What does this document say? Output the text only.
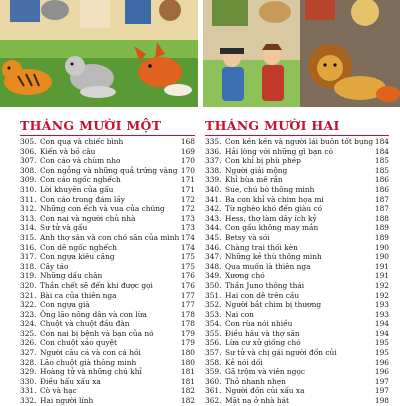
THÁNG MƯỜI MỘT
305. Con quạ và chiếc bình	168
306. Kiến và bồ câu	169
307. Con cáo và chùm nho	170
308. Con ngỗng và những quả trứng vàng 170
309. Con cáo ngốc nghếch	171
310. Lời khuyên của gấu	171
311. Con cáo trong đám lầy	172
312. Những con ếch và vua của chúng	172
313. Con nai và người chủ nhà	173
314. Sư tử và gấu	173
315. Anh thợ săn và con chó săn của mình 174
316. Con dê ngốc nghếch	174
317. Con ngựa kiêu căng	175
318. Cây táo	175
319. Những dấu chân	176
320. Thần chết sẽ đến khi được gọi	176
321. Bài ca của thiên nga	177
322. Con ngựa già	177
323. Ông lão nông dân và con lừa	178
324. Chuột và chuột đầu đàn	178
325. Con nai bị bệnh và bạn của nó	179
326. Con chuột xảo quyệt	179
327. Người câu cá và con cá hồi	180
328. Lão chuột già thông minh	180
329. Hoàng tử và những chú khỉ	181
330. Điều hấu xấu xa	181
331. Cò và hạc	182
332. Hai người lính	182
THÁNG MƯỜI HAI
335. Con kền kền và người lái buôn tốt bụng 184
336. Hải lòng với những gì bạn có	184
337. Con khỉ bị phù phép	185
338. Người giải mộng	185
339. Khỉ bùa mê rắn	186
340. Sue, chú bò thông minh	186
341. Ba con khỉ và chim họa mi	187
342. Từ nghèo khó đến giàu có	187
343. Hess, thợ làm dây ích kỷ	188
344. Con gấu không may mắn	189
345. Betsy và sói	189
346. Chàng trai thối kèn	190
347. Những kẻ thù thông minh	190
348. Qua muốn là thiên nga	191
349. Xương chó	191
350. Thần Juno thông thái	192
351. Hai con dê trên cầu	192
352. Người bắt chim bị thương	193
353. Nai con	193
354. Con rùa nói nhiều	194
355. Điều hâu và thợ săn	194
356. Lừa cư xử giống chó	195
357. Sư tử và chị gái người đốn củi	195
358. Kẻ nói dối	196
359. Gã trộm và viên ngọc	196
360. Thỏ nhanh nhẹn	197
361. Người đồn củi xấu xa	197
362. Mặt nạ ở nhà hát	198
